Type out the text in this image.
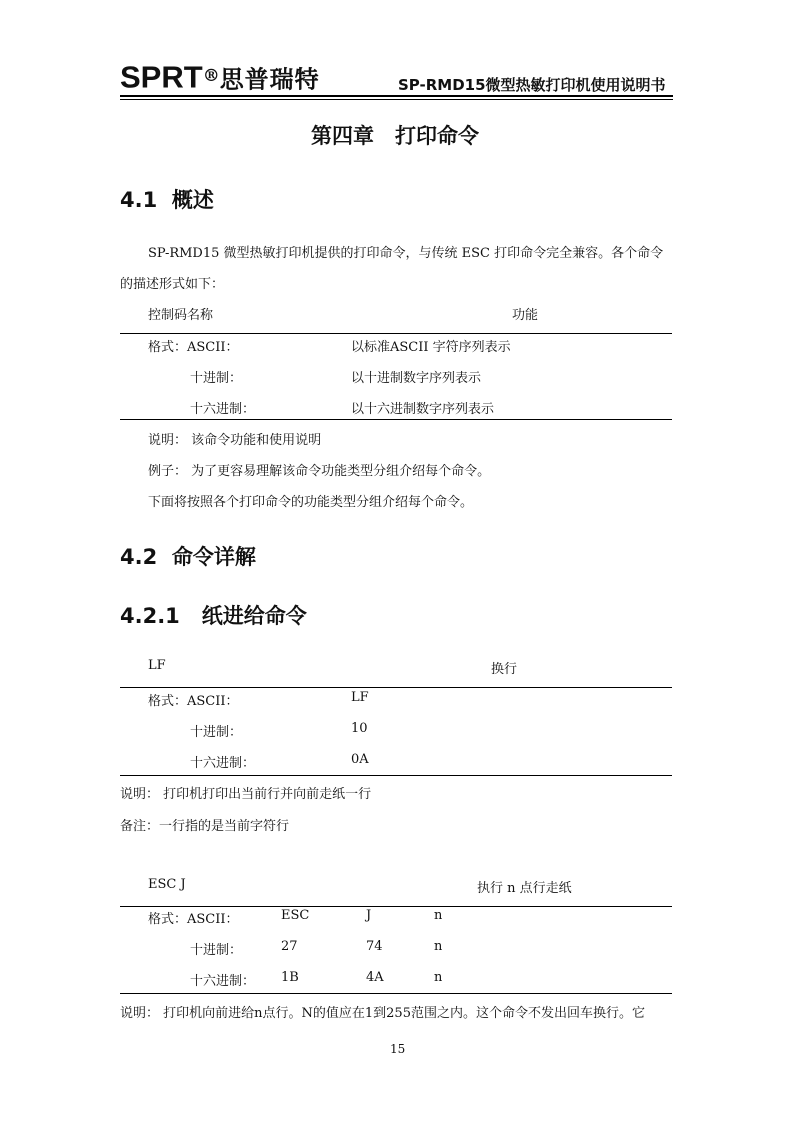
SPRT®思普瑞特	SP-RMD15微型热敏打印机使用说明书
第四章　打印命令
4.1 概述
SP-RMD15 微型热敏打印机提供的打印命令，与传统 ESC 打印命令完全兼容。各个命令
的描述形式如下：
控制码名称	功能
格式：ASCII：	以标准ASCII 字符序列表示
十进制：	以十进制数字序列表示
十六进制：	以十六进制数字序列表示
说明： 该命令功能和使用说明
例子： 为了更容易理解该命令功能类型分组介绍每个命令。
下面将按照各个打印命令的功能类型分组介绍每个命令。
4.2 命令详解
4.2.1 纸进给命令
LF	换行
格式：ASCII：	LF
十进制：	10
十六进制：	0A
说明： 打印机打印出当前行并向前走纸一行
备注：一行指的是当前字符行
ESC J	执行 n 点行走纸
格式：ASCII：	ESC	J	n
十进制：	27	74	n
十六进制： 1B	4A	n
说明： 打印机向前进给n点行。N的值应在1到255范围之内。这个命令不发出回车换行。它
15
